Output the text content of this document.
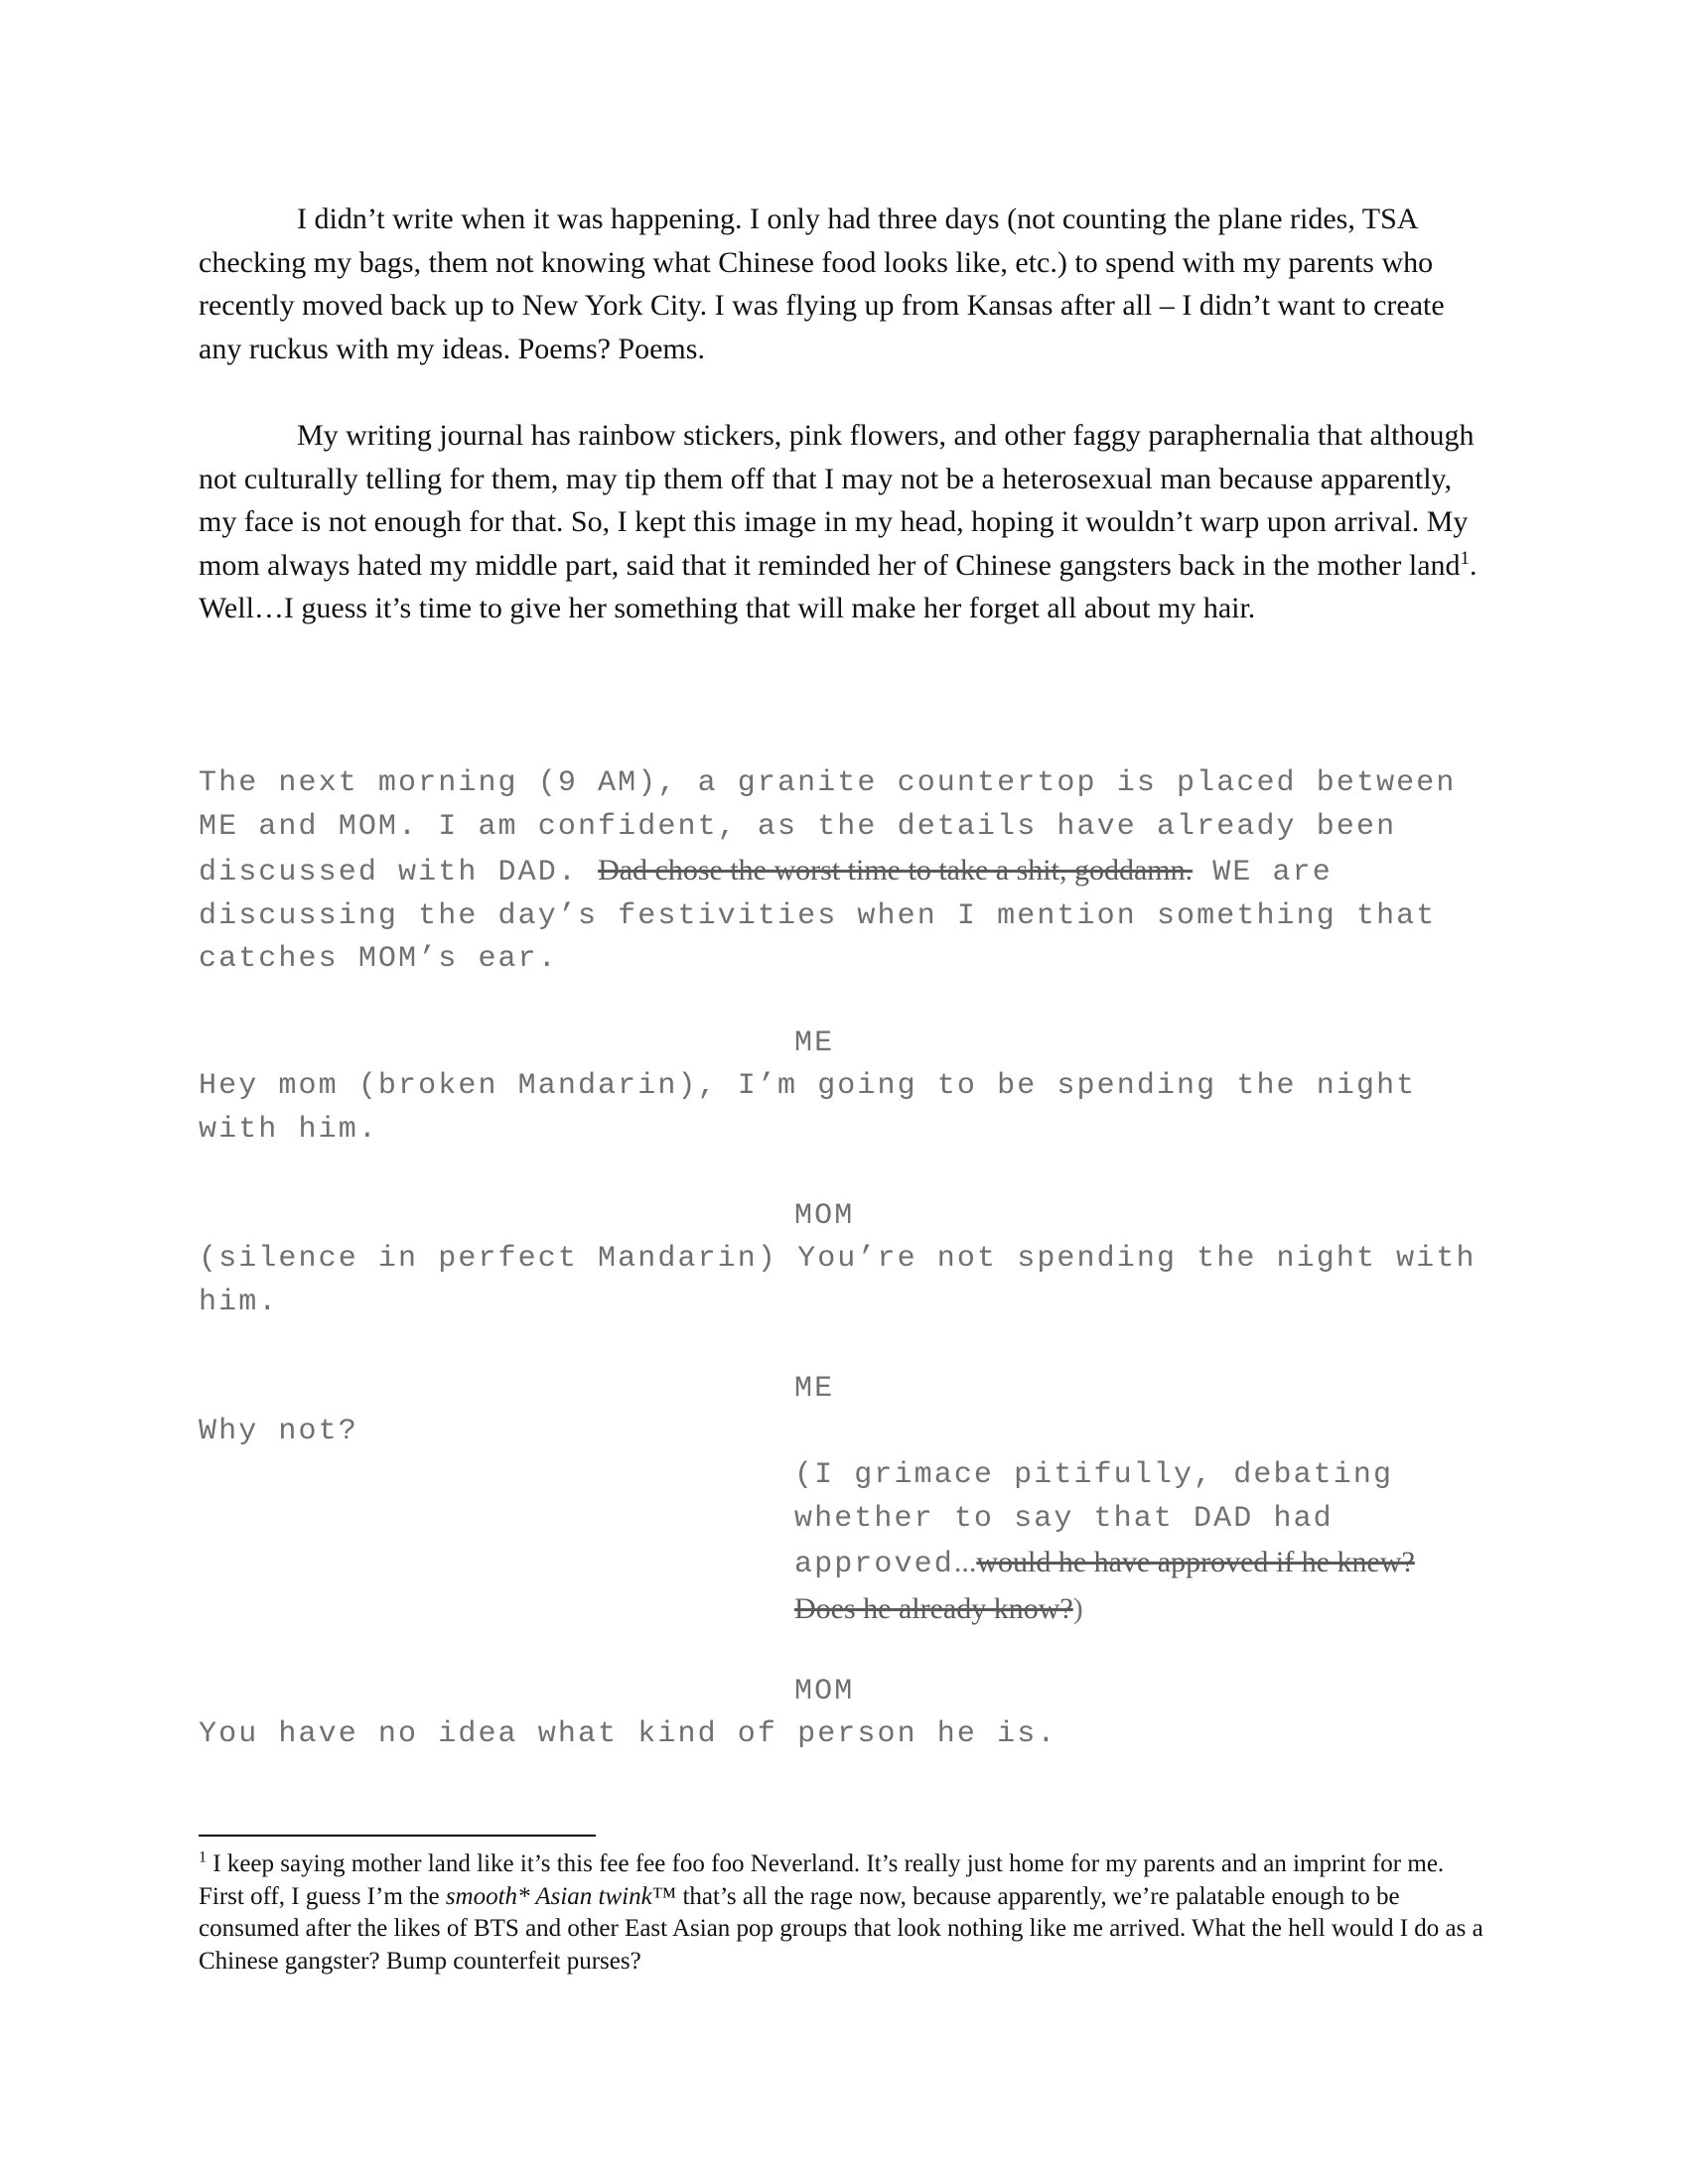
I didn’t write when it was happening. I only had three days (not counting the plane rides, TSA checking my bags, them not knowing what Chinese food looks like, etc.) to spend with my parents who recently moved back up to New York City. I was flying up from Kansas after all – I didn’t want to create any ruckus with my ideas. Poems? Poems.

My writing journal has rainbow stickers, pink flowers, and other faggy paraphernalia that although not culturally telling for them, may tip them off that I may not be a heterosexual man because apparently, my face is not enough for that. So, I kept this image in my head, hoping it wouldn’t warp upon arrival. My mom always hated my middle part, said that it reminded her of Chinese gangsters back in the mother land$^1$. Well…I guess it’s time to give her something that will make her forget all about my hair.

The next morning (9 AM), a granite countertop is placed between
ME and MOM. I am confident, as the details have already been
discussed with DAD. Dad chose the worst time to take a shit, goddamn. WE are
discussing the day’s festivities when I mention something that
catches MOM’s ear.
ME
Hey mom (broken Mandarin), I’m going to be spending the night
with him.
MOM
(silence in perfect Mandarin) You’re not spending the night with
him.
ME
Why not?
(I grimace pitifully, debating
whether to say that DAD had
approved...would he have approved if he knew?
Does he already know?)
MOM
You have no idea what kind of person he is.

$^1$ I keep saying mother land like it’s this fee fee foo foo Neverland. It’s really just home for my parents and an imprint for me. First off, I guess I’m the smooth* Asian twink™ that’s all the rage now, because apparently, we’re palatable enough to be consumed after the likes of BTS and other East Asian pop groups that look nothing like me arrived. What the hell would I do as a Chinese gangster? Bump counterfeit purses?
